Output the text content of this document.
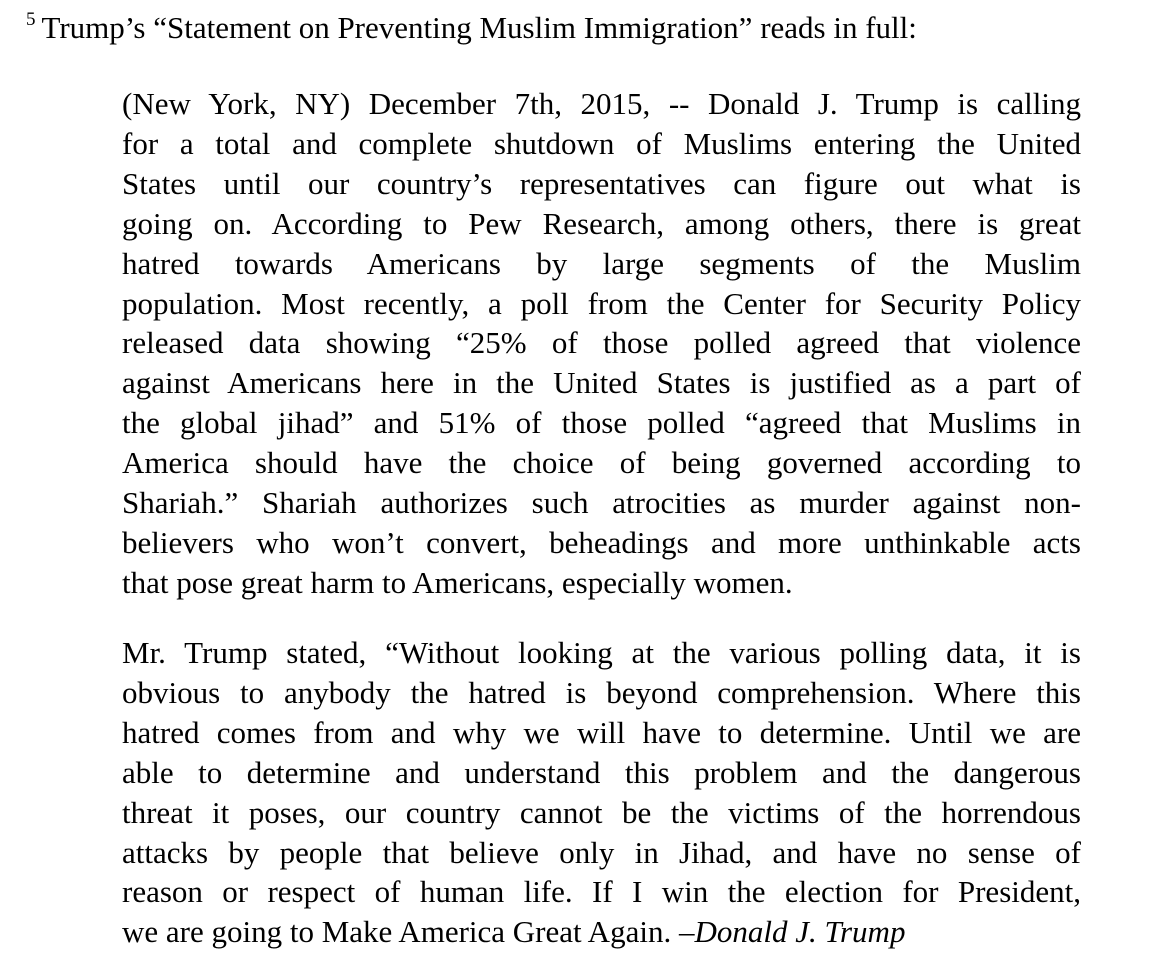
$^5$ Trump’s “Statement on Preventing Muslim Immigration” reads in full:
(New York, NY) December 7th, 2015, -- Donald J. Trump is calling
for a total and complete shutdown of Muslims entering the United
States until our country’s representatives can figure out what is
going on. According to Pew Research, among others, there is great
hatred towards Americans by large segments of the Muslim
population. Most recently, a poll from the Center for Security Policy
released data showing “25% of those polled agreed that violence
against Americans here in the United States is justified as a part of
the global jihad” and 51% of those polled “agreed that Muslims in
America should have the choice of being governed according to
Shariah.” Shariah authorizes such atrocities as murder against non-
believers who won’t convert, beheadings and more unthinkable acts
that pose great harm to Americans, especially women.
Mr. Trump stated, “Without looking at the various polling data, it is
obvious to anybody the hatred is beyond comprehension. Where this
hatred comes from and why we will have to determine. Until we are
able to determine and understand this problem and the dangerous
threat it poses, our country cannot be the victims of the horrendous
attacks by people that believe only in Jihad, and have no sense of
reason or respect of human life. If I win the election for President,
we are going to Make America Great Again. –Donald J. Trump
